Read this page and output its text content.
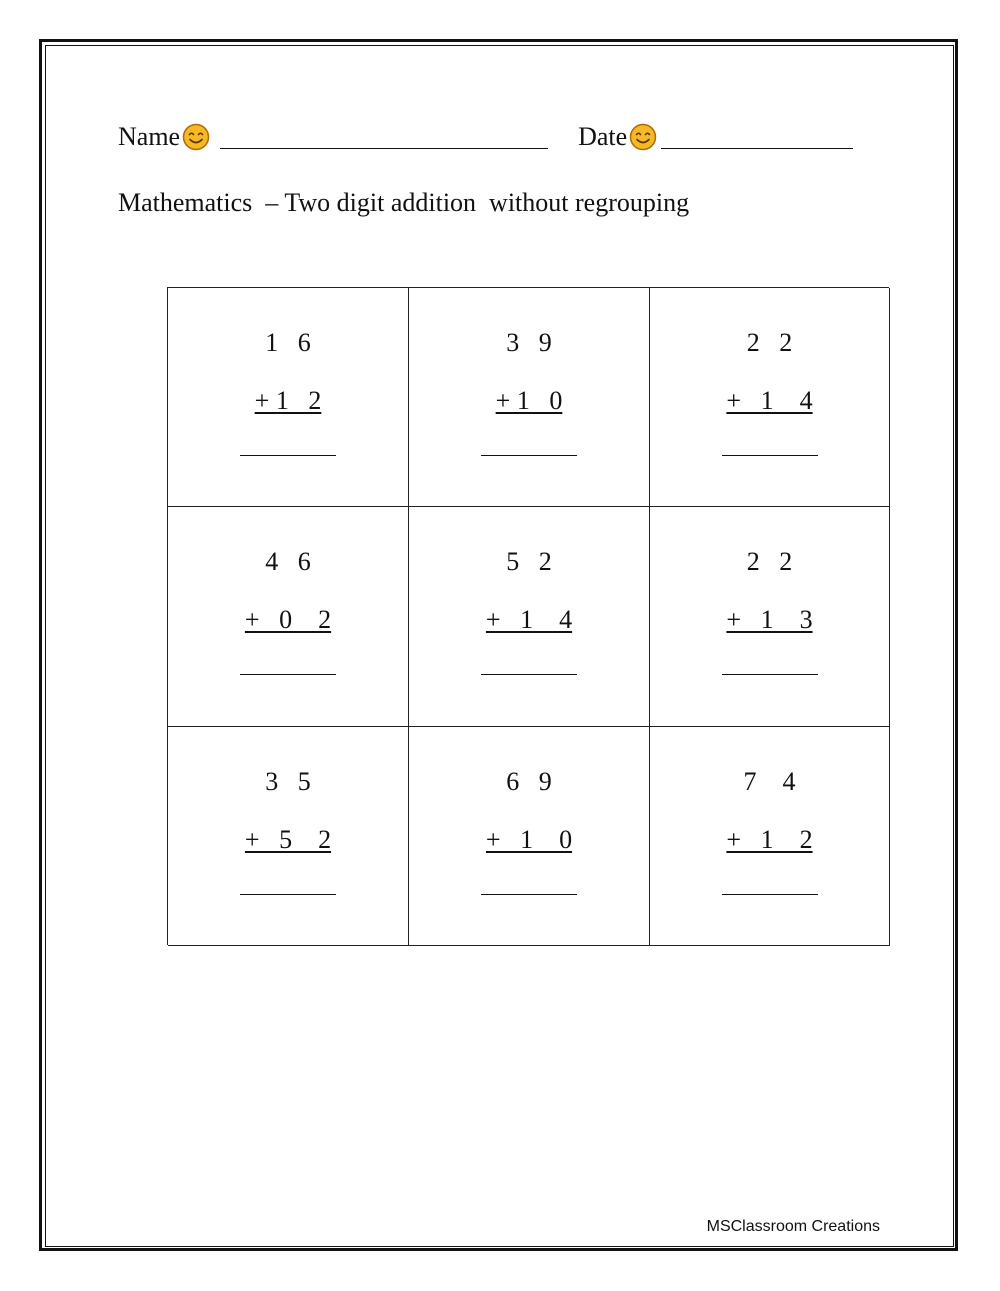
Name	Date
Mathematics  – Two digit addition  without regrouping
1   6
+ 1   2
3   9
+ 1   0
2   2
+   1    4
4   6
+   0    2
5   2
+   1    4
2   2
+   1    3
3   5
+   5    2
6   9
+   1    0
7    4
+   1    2
MSClassroom Creations
